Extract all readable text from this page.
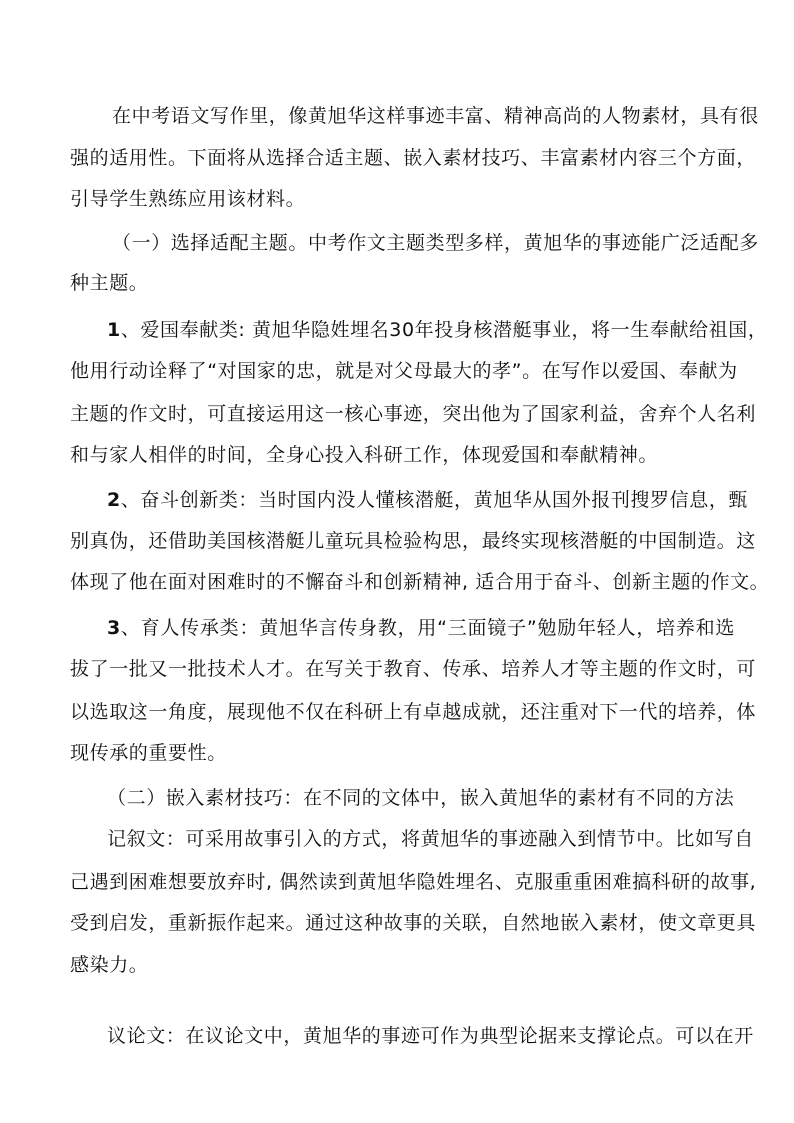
在中考语文写作里，像黄旭华这样事迹丰富、精神高尚的人物素材，具有很
强的适用性。下面将从选择合适主题、嵌入素材技巧、丰富素材内容三个方面，
引导学生熟练应用该材料。
（一）选择适配主题。中考作文主题类型多样，黄旭华的事迹能广泛适配多
种主题。
1 、爱国奉献类: 黄旭华隐姓埋名30年投身核潜艇事业，将一生奉献给祖国，
他用行动诠释了“对国家的忠，就是对父母最大的孝”。在写作以爱国、奉献为
主题的作文时，可直接运用这一核心事迹，突出他为了国家利益，舍弃个人名利
和与家人相伴的时间，全身心投入科研工作，体现爱国和奉献精神。
2 、奋斗创新类：当时国内没人懂核潜艇，黄旭华从国外报刊搜罗信息，甄
别真伪，还借助美国核潜艇儿童玩具检验构思，最终实现核潜艇的中国制造。这
体现了他在面对困难时的不懈奋斗和创新精神, 适合用于奋斗、创新主题的作文。
3 、育人传承类：黄旭华言传身教，用“三面镜子”勉励年轻人，培养和选
拔了一批又一批技术人才。在写关于教育、传承、培养人才等主题的作文时，可
以选取这一角度，展现他不仅在科研上有卓越成就，还注重对下一代的培养，体
现传承的重要性。
（二）嵌入素材技巧：在不同的文体中，嵌入黄旭华的素材有不同的方法
记叙文：可采用故事引入的方式，将黄旭华的事迹融入到情节中。比如写自
己遇到困难想要放弃时, 偶然读到黄旭华隐姓埋名、克服重重困难搞科研的故事,
受到启发，重新振作起来。通过这种故事的关联，自然地嵌入素材，使文章更具
感染力。
议论文：在议论文中，黄旭华的事迹可作为典型论据来支撑论点。可以在开
